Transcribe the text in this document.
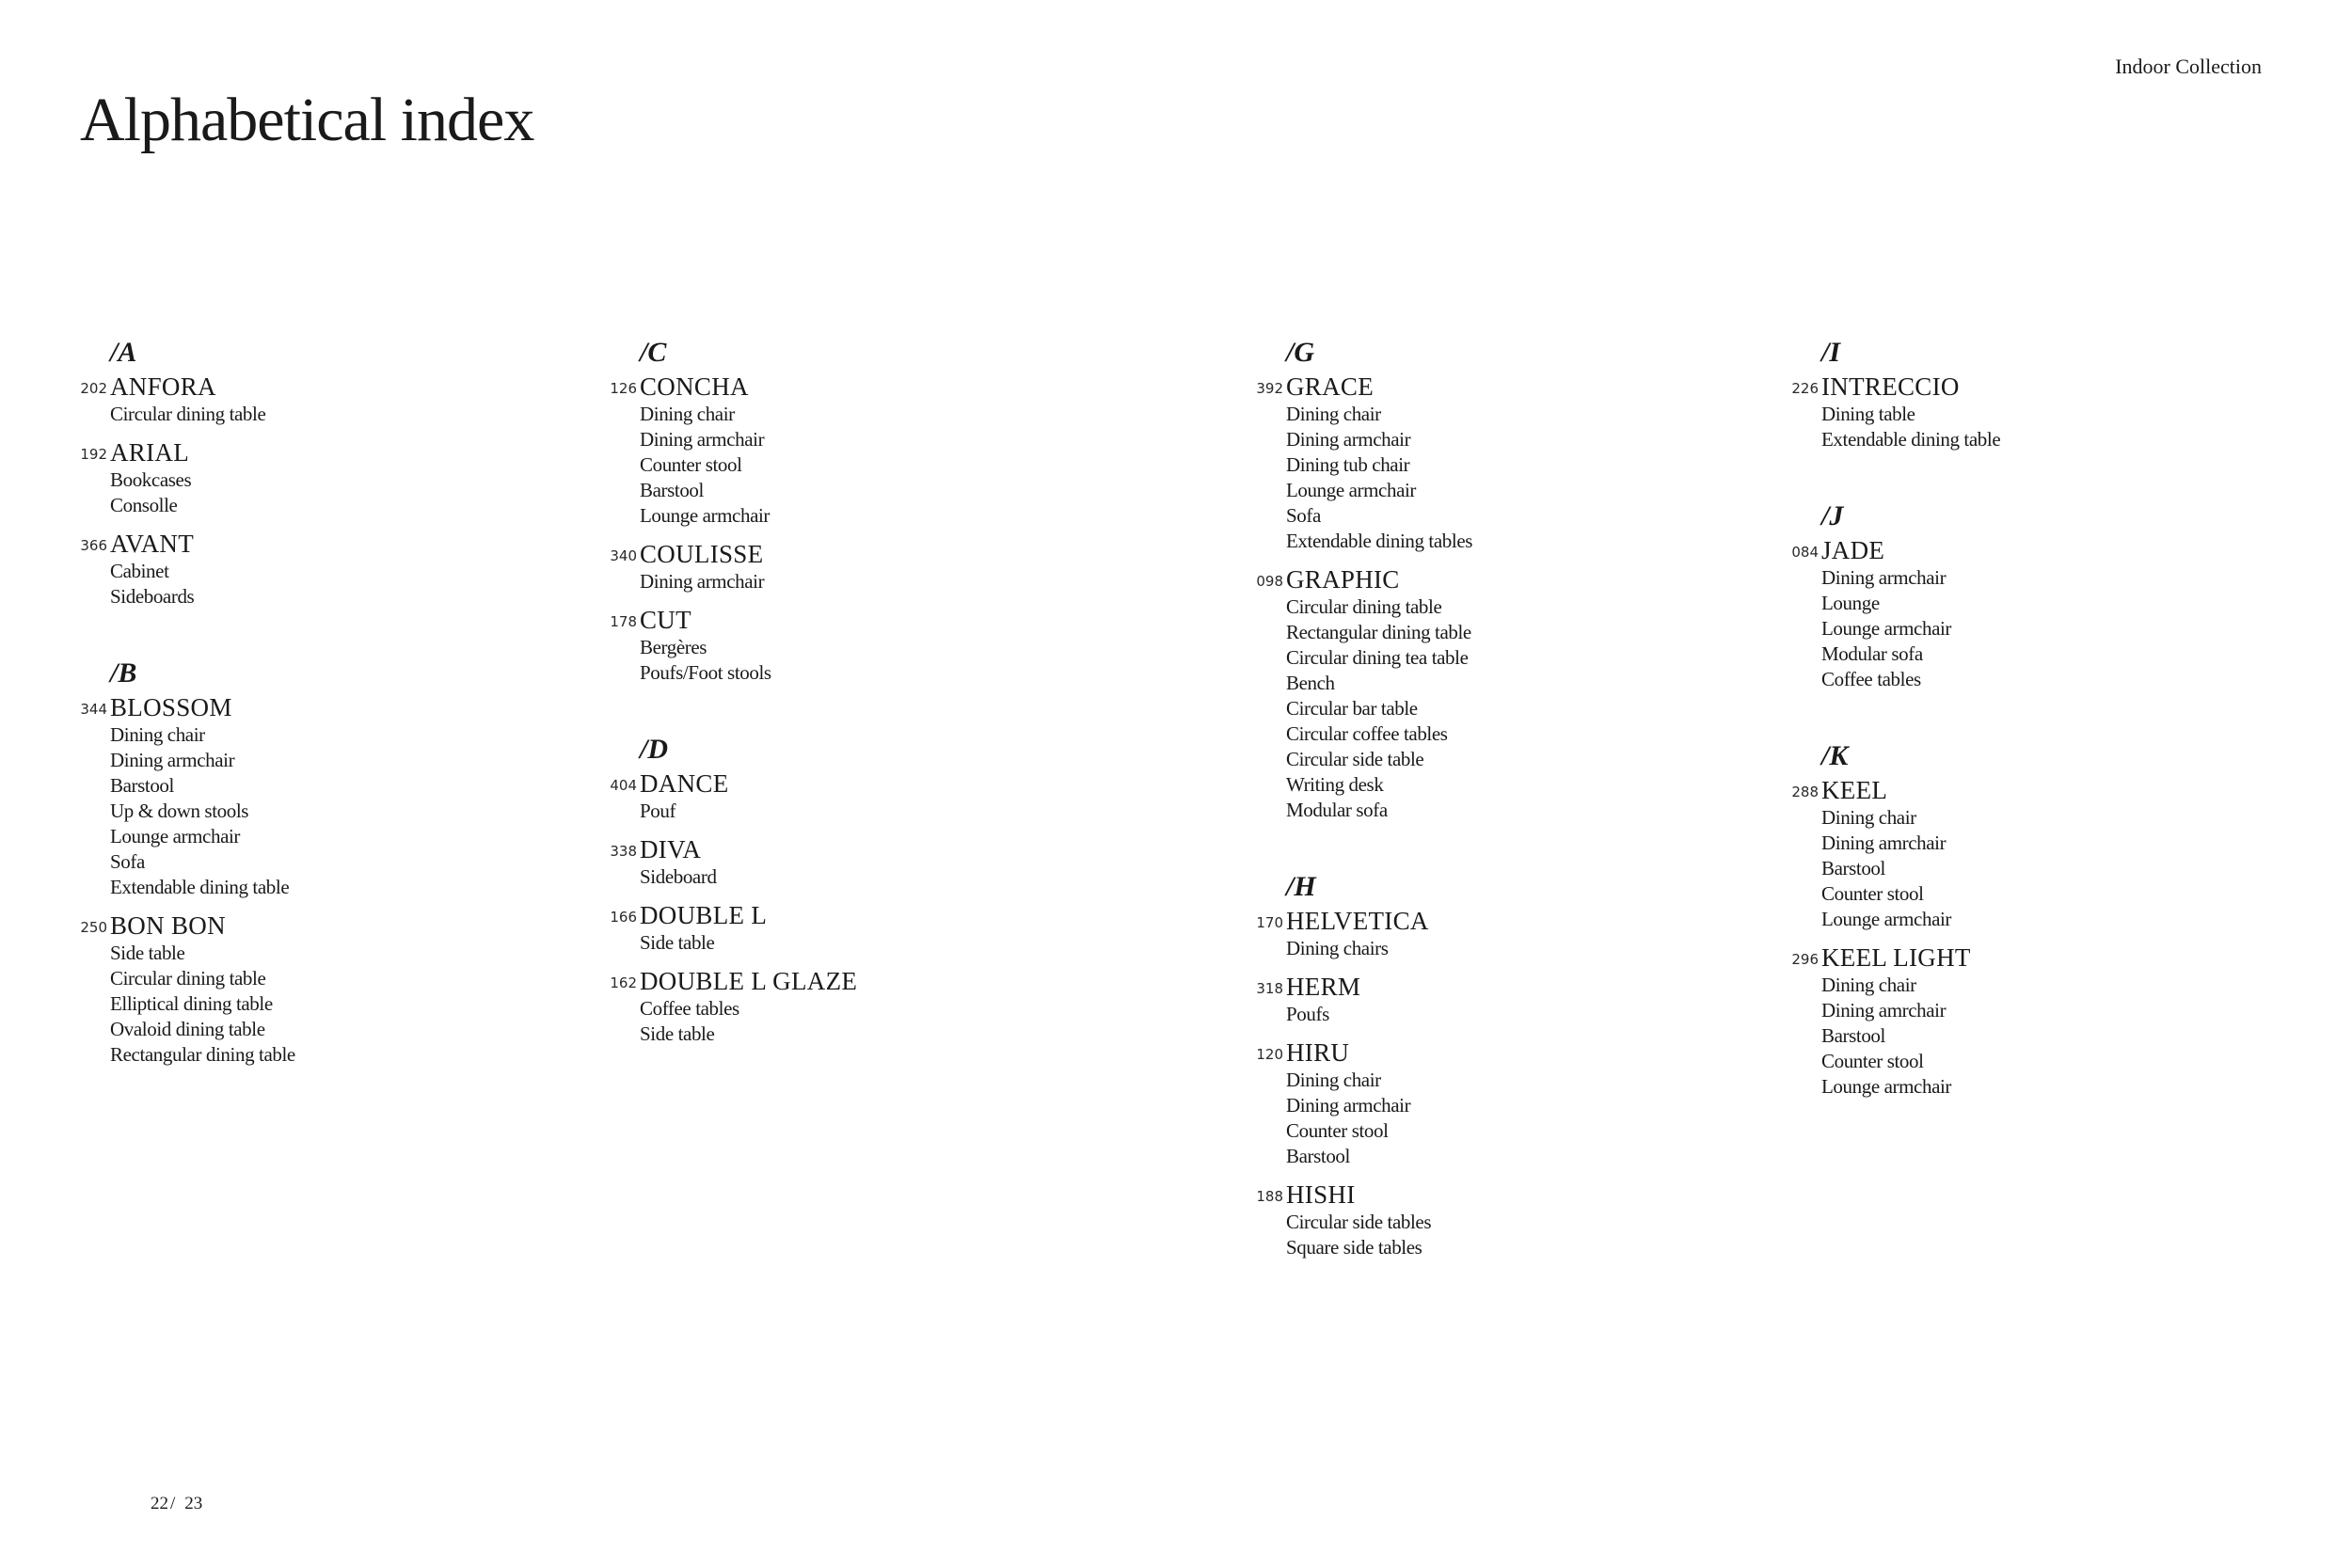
Alphabetical index
Indoor Collection
/A
202 ANFORA
Circular dining table
192 ARIAL
Bookcases
Consolle
366 AVANT
Cabinet
Sideboards
/B
344 BLOSSOM
Dining chair
Dining armchair
Barstool
Up & down stools
Lounge armchair
Sofa
Extendable dining table
250 BON BON
Side table
Circular dining table
Elliptical dining table
Ovaloid dining table
Rectangular dining table
/C
126 CONCHA
Dining chair
Dining armchair
Counter stool
Barstool
Lounge armchair
340 COULISSE
Dining armchair
178 CUT
Bergères
Poufs/Foot stools
/D
404 DANCE
Pouf
338 DIVA
Sideboard
166 DOUBLE L
Side table
162 DOUBLE L GLAZE
Coffee tables
Side table
/G
392 GRACE
Dining chair
Dining armchair
Dining tub chair
Lounge armchair
Sofa
Extendable dining tables
098 GRAPHIC
Circular dining table
Rectangular dining table
Circular dining tea table
Bench
Circular bar table
Circular coffee tables
Circular side table
Writing desk
Modular sofa
/H
170 HELVETICA
Dining chairs
318 HERM
Poufs
120 HIRU
Dining chair
Dining armchair
Counter stool
Barstool
188 HISHI
Circular side tables
Square side tables
/I
226 INTRECCIO
Dining table
Extendable dining table
/J
084 JADE
Dining armchair
Lounge
Lounge armchair
Modular sofa
Coffee tables
/K
288 KEEL
Dining chair
Dining amrchair
Barstool
Counter stool
Lounge armchair
296 KEEL LIGHT
Dining chair
Dining amrchair
Barstool
Counter stool
Lounge armchair
22 / 23
